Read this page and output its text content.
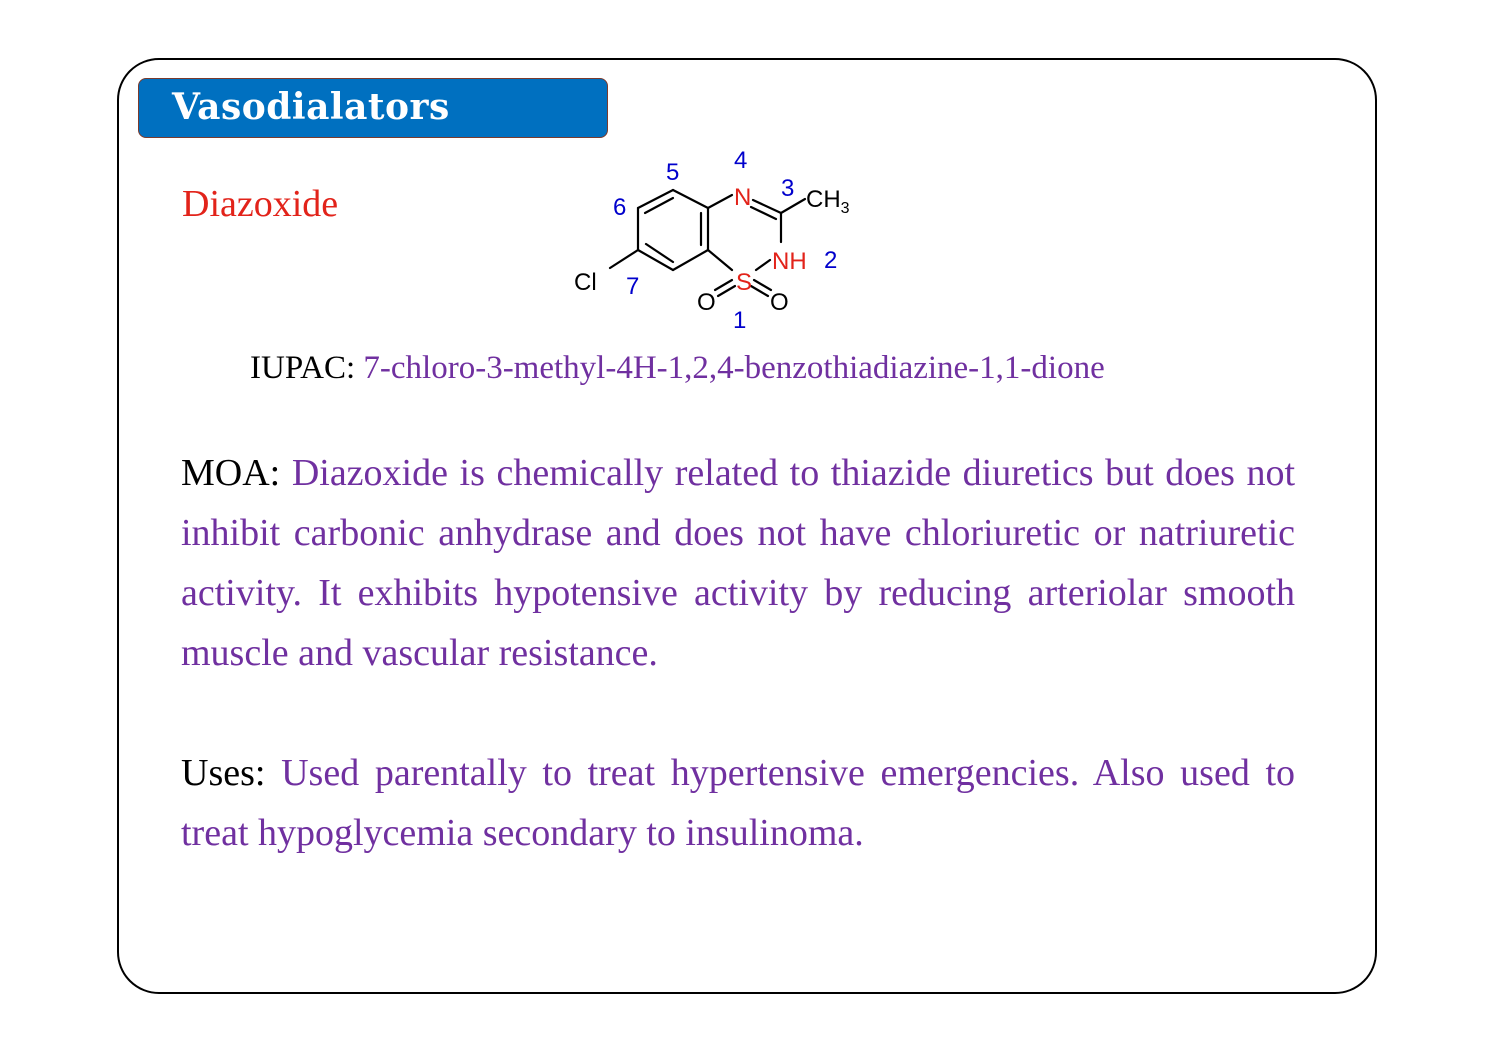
Vasodialators
Diazoxide	N
NH
S
O O
Cl
$CH_3$
1
2
3
4
5
6
7
IUPAC: 7-chloro-3-methyl-4H-1,2,4-benzothiadiazine-1,1-dione
MOA: Diazoxide is chemically related to thiazide diuretics but does not inhibit carbonic anhydrase and does not have chloriuretic or natriuretic activity. It exhibits hypotensive activity by reducing arteriolar smooth muscle and vascular resistance.
Uses: Used parentally to treat hypertensive emergencies. Also used to treat hypoglycemia secondary to insulinoma.
